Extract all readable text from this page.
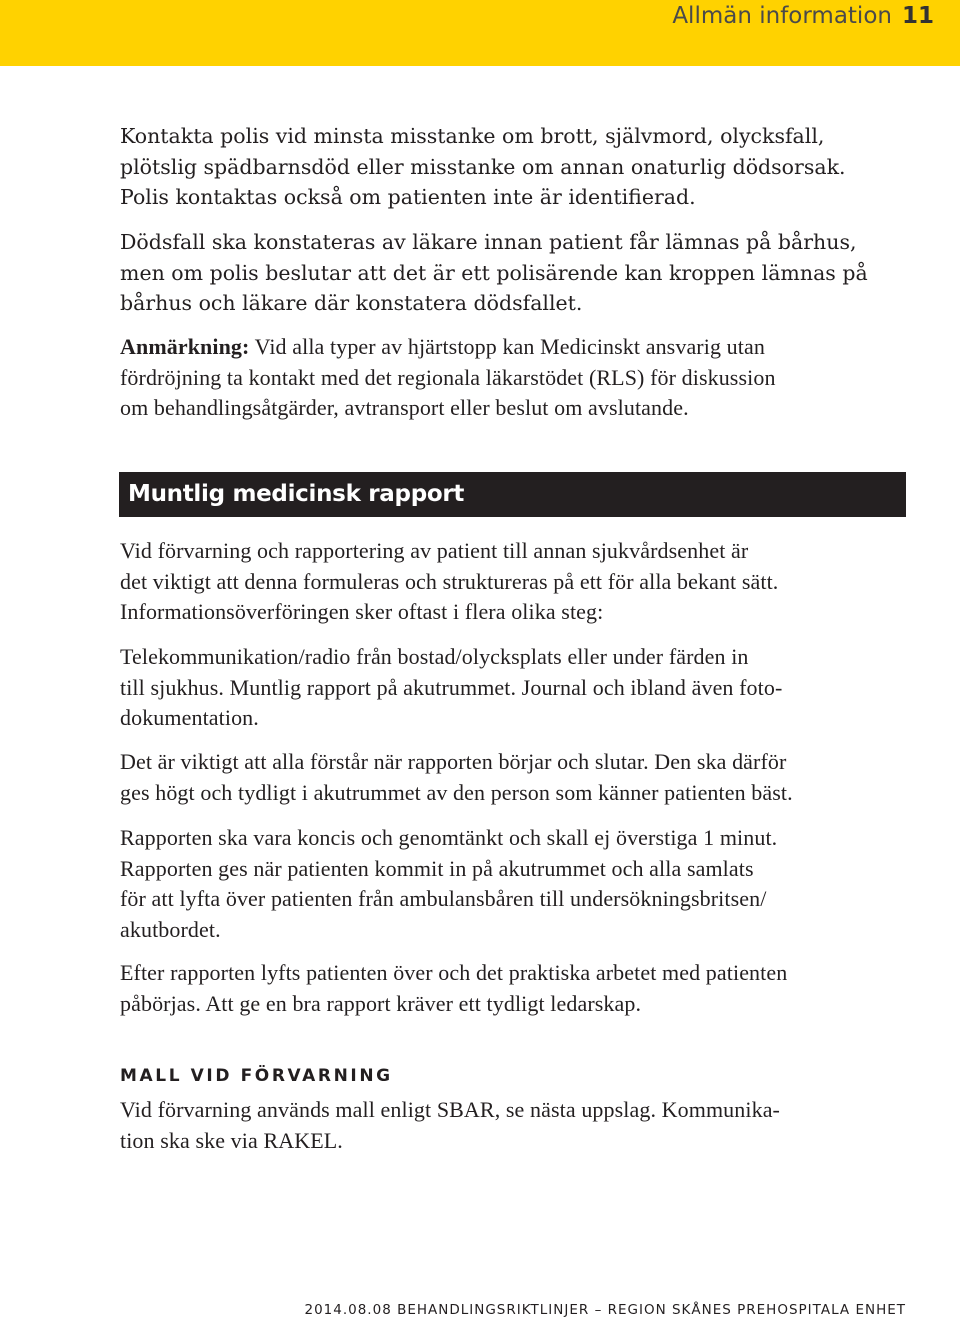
Allmän information 11

Kontakta polis vid minsta misstanke om brott, självmord, olycksfall,
plötslig spädbarnsdöd eller misstanke om annan onaturlig dödsorsak.
Polis kontaktas också om patienten inte är identifierad.

Dödsfall ska konstateras av läkare innan patient får lämnas på bårhus,
men om polis beslutar att det är ett polisärende kan kroppen lämnas på
bårhus och läkare där konstatera dödsfallet.

Anmärkning: Vid alla typer av hjärtstopp kan Medicinskt ansvarig utan
fördröjning ta kontakt med det regionala läkarstödet (RLS) för diskussion
om behandlingsåtgärder, avtransport eller beslut om avslutande.

Muntlig medicinsk rapport

Vid förvarning och rapportering av patient till annan sjukvårdsenhet är
det viktigt att denna formuleras och struktureras på ett för alla bekant sätt.
Informationsöverföringen sker oftast i flera olika steg:

Telekommunikation/radio från bostad/olycksplats eller under färden in
till sjukhus. Muntlig rapport på akutrummet. Journal och ibland även foto-
dokumentation.

Det är viktigt att alla förstår när rapporten börjar och slutar. Den ska därför
ges högt och tydligt i akutrummet av den person som känner patienten bäst.

Rapporten ska vara koncis och genomtänkt och skall ej överstiga 1 minut.
Rapporten ges när patienten kommit in på akutrummet och alla samlats
för att lyfta över patienten från ambulansbåren till undersökningsbritsen/
akutbordet.

Efter rapporten lyfts patienten över och det praktiska arbetet med patienten
påbörjas. Att ge en bra rapport kräver ett tydligt ledarskap.

MALL VID FÖRVARNING

Vid förvarning används mall enligt SBAR, se nästa uppslag. Kommunika-
tion ska ske via RAKEL.

2014.08.08 BEHANDLINGSRIKTLINJER – REGION SKÅNES PREHOSPITALA ENHET
